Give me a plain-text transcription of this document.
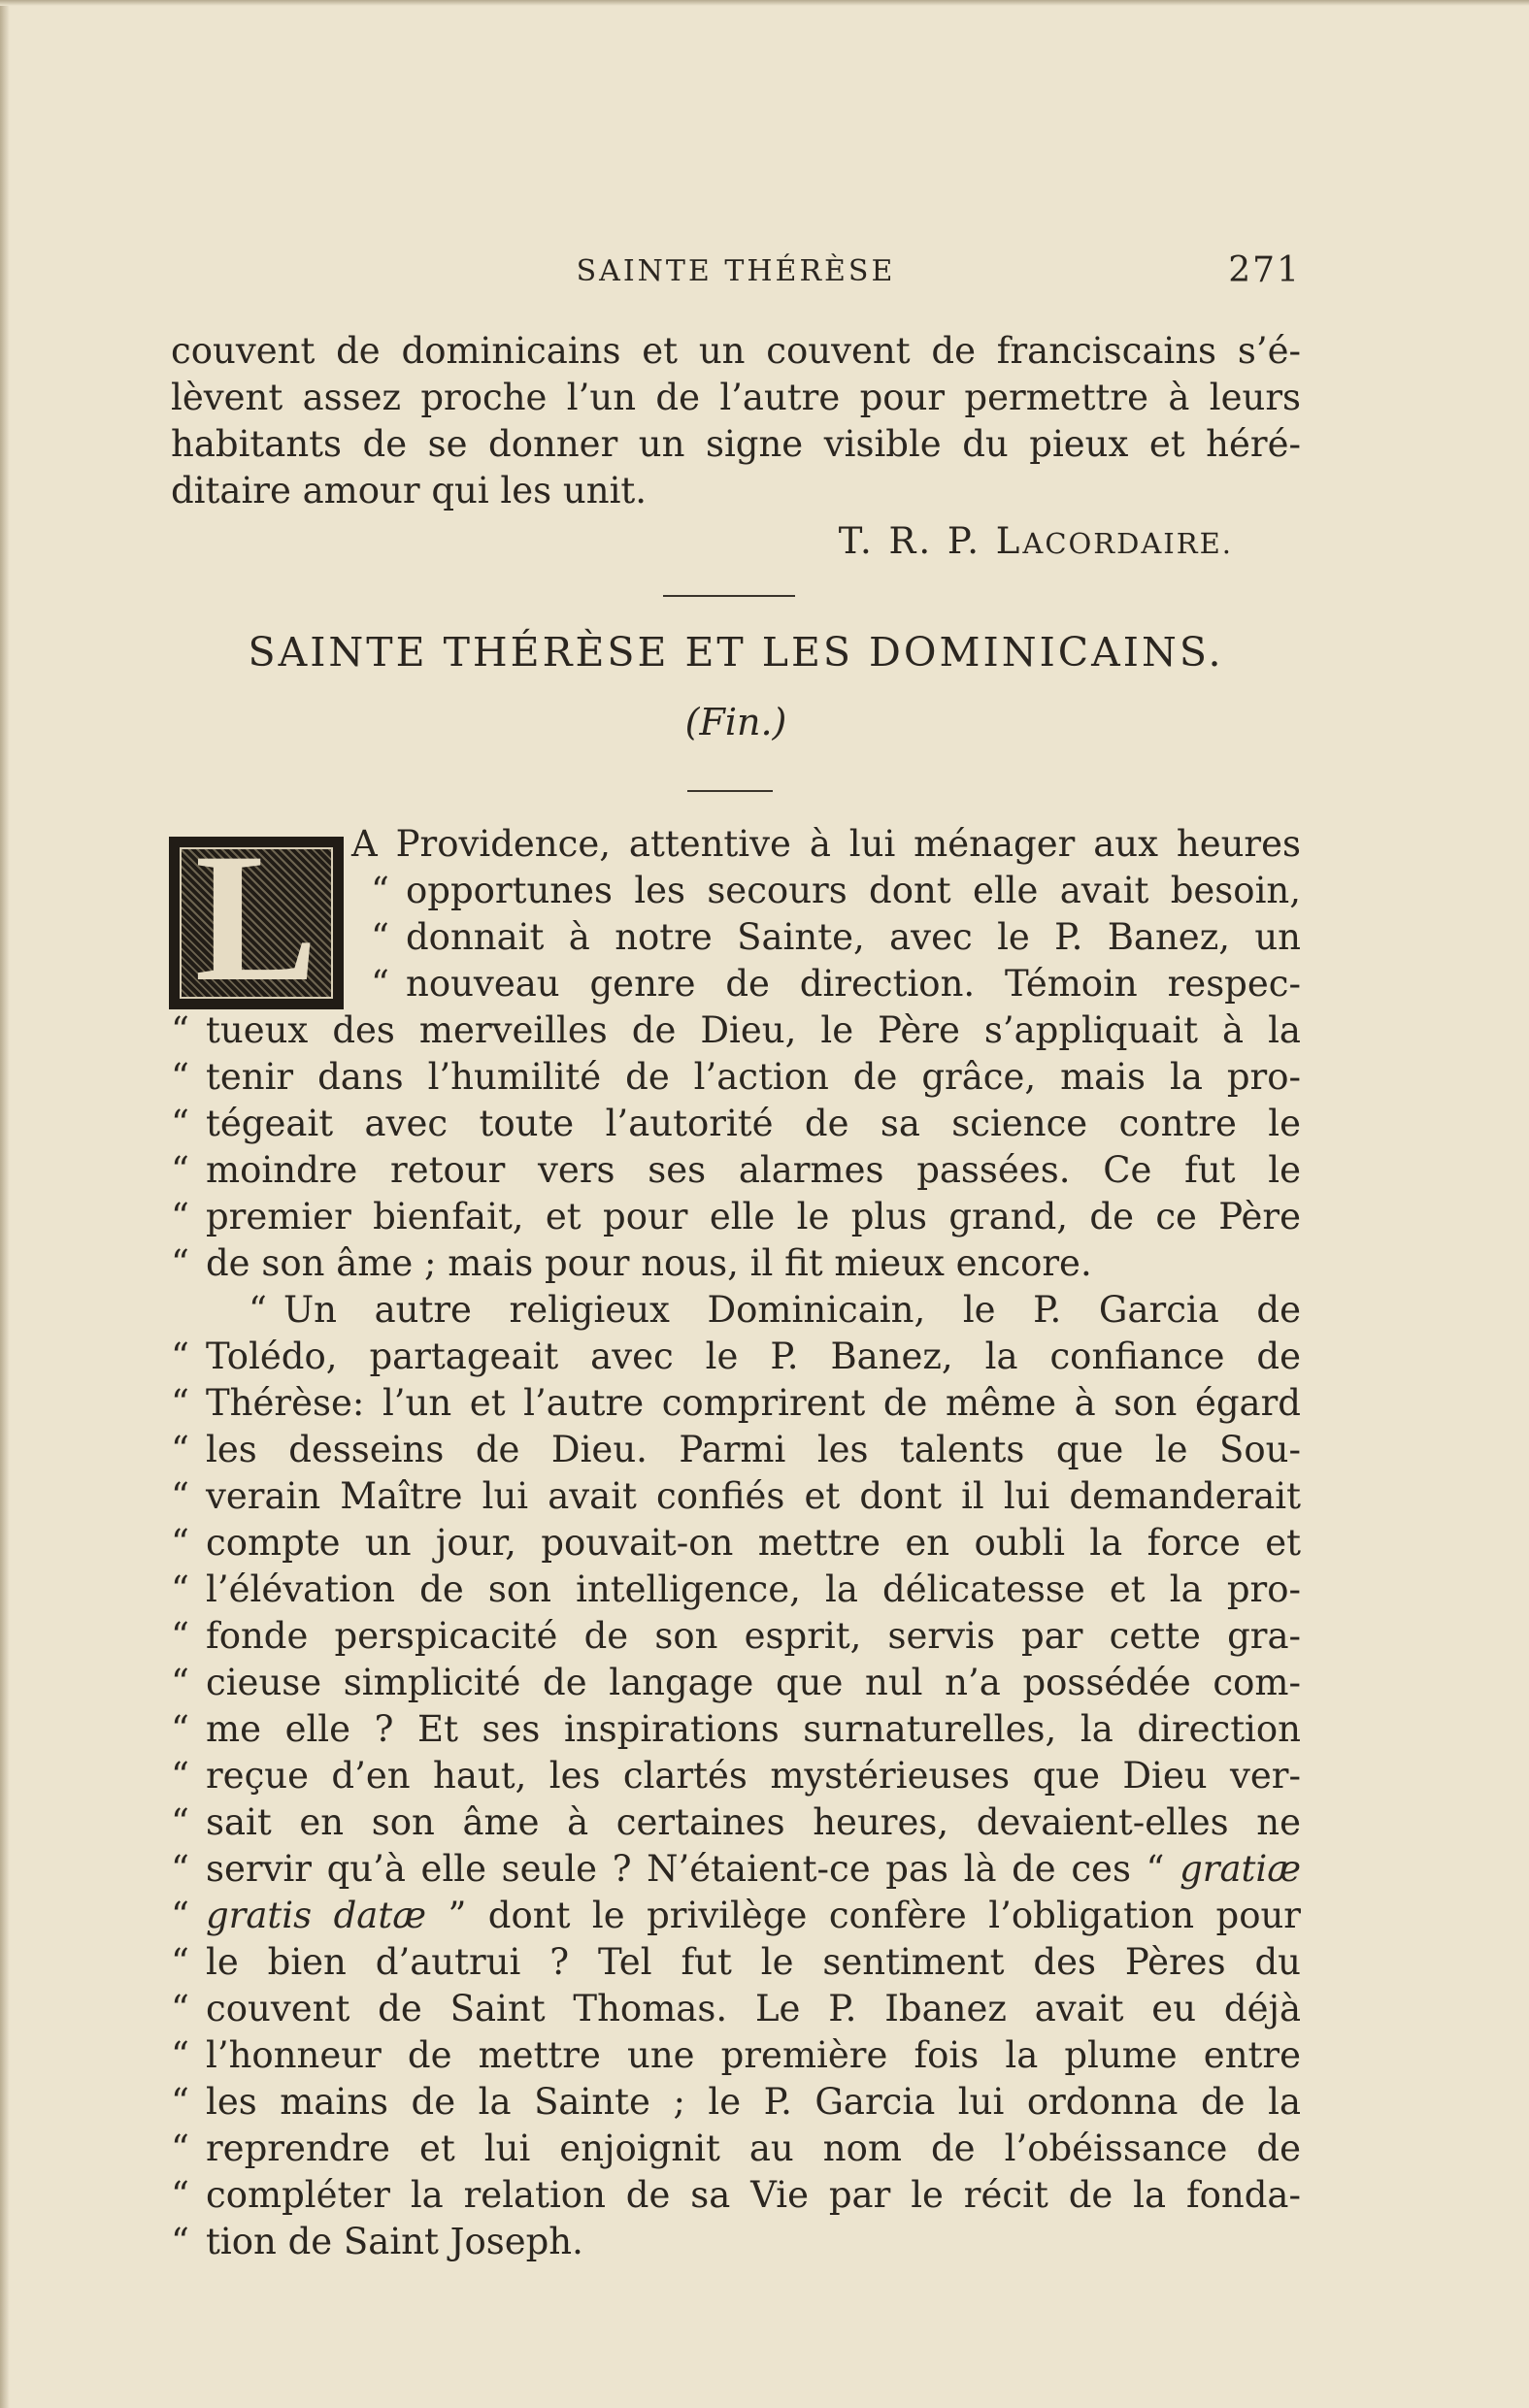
SAINTE THÉRÈSE	271
couvent de dominicains et un couvent de franciscains s’é-
lèvent assez proche l’un de l’autre pour permettre à leurs
habitants de se donner un signe visible du pieux et héré-
ditaire amour qui les unit.
T. R. P. LACORDAIRE.
SAINTE THÉRÈSE ET LES DOMINICAINS.
(Fin.)
L A Providence, attentive à lui ménager aux heures
“ opportunes les secours dont elle avait besoin,
“ donnait à notre Sainte, avec le P. Banez, un
“ nouveau genre de direction. Témoin respec-
“ tueux des merveilles de Dieu, le Père s’appliquait à la
“ tenir dans l’humilité de l’action de grâce, mais la pro-
“ tégeait avec toute l’autorité de sa science contre le
“ moindre retour vers ses alarmes passées. Ce fut le
“ premier bienfait, et pour elle le plus grand, de ce Père
“ de son âme ; mais pour nous, il fit mieux encore.
“ Un autre religieux Dominicain, le P. Garcia de
“ Tolédo, partageait avec le P. Banez, la confiance de
“ Thérèse: l’un et l’autre comprirent de même à son égard
“ les desseins de Dieu. Parmi les talents que le Sou-
“ verain Maître lui avait confiés et dont il lui demanderait
“ compte un jour, pouvait-on mettre en oubli la force et
“ l’élévation de son intelligence, la délicatesse et la pro-
“ fonde perspicacité de son esprit, servis par cette gra-
“ cieuse simplicité de langage que nul n’a possédée com-
“ me elle ? Et ses inspirations surnaturelles, la direction
“ reçue d’en haut, les clartés mystérieuses que Dieu ver-
“ sait en son âme à certaines heures, devaient-elles ne
“ servir qu’à elle seule ? N’étaient-ce pas là de ces “ gratiæ
“ gratis datæ ” dont le privilège confère l’obligation pour
“ le bien d’autrui ? Tel fut le sentiment des Pères du
“ couvent de Saint Thomas. Le P. Ibanez avait eu déjà
“ l’honneur de mettre une première fois la plume entre
“ les mains de la Sainte ; le P. Garcia lui ordonna de la
“ reprendre et lui enjoignit au nom de l’obéissance de
“ compléter la relation de sa Vie par le récit de la fonda-
“ tion de Saint Joseph.
